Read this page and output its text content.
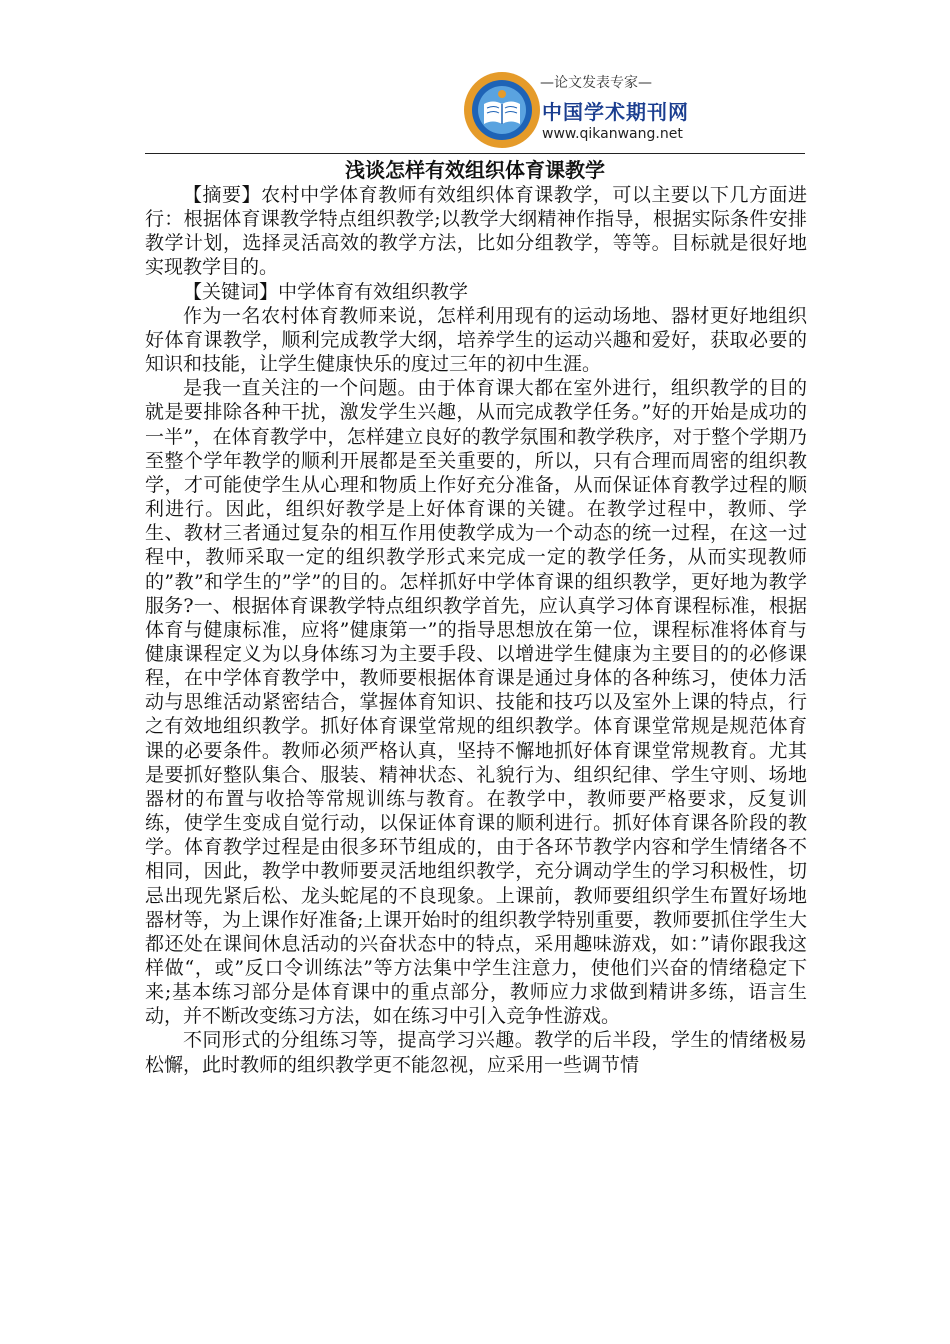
—论文发表专家—
中国学术期刊网
www.qikanwang.net
浅谈怎样有效组织体育课教学

【摘要】农村中学体育教师有效组织体育课教学，可以主要以下几方面进行：根据体育课教学特点组织教学;以教学大纲精神作指导，根据实际条件安排教学计划，选择灵活高效的教学方法，比如分组教学，等等。目标就是很好地实现教学目的。

【关键词】中学体育有效组织教学

作为一名农村体育教师来说，怎样利用现有的运动场地、器材更好地组织好体育课教学，顺利完成教学大纲，培养学生的运动兴趣和爱好，获取必要的知识和技能，让学生健康快乐的度过三年的初中生涯。

是我一直关注的一个问题。由于体育课大都在室外进行，组织教学的目的就是要排除各种干扰，激发学生兴趣，从而完成教学任务。”好的开始是成功的一半”，在体育教学中，怎样建立良好的教学氛围和教学秩序，对于整个学期乃至整个学年教学的顺利开展都是至关重要的，所以，只有合理而周密的组织教学，才可能使学生从心理和物质上作好充分准备，从而保证体育教学过程的顺利进行。因此，组织好教学是上好体育课的关键。在教学过程中，教师、学生、教材三者通过复杂的相互作用使教学成为一个动态的统一过程，在这一过程中，教师采取一定的组织教学形式来完成一定的教学任务，从而实现教师的”教”和学生的”学”的目的。怎样抓好中学体育课的组织教学，更好地为教学服务?一、根据体育课教学特点组织教学首先，应认真学习体育课程标准，根据体育与健康标准，应将”健康第一”的指导思想放在第一位，课程标准将体育与健康课程定义为以身体练习为主要手段、以增进学生健康为主要目的的必修课程，在中学体育教学中，教师要根据体育课是通过身体的各种练习，使体力活动与思维活动紧密结合，掌握体育知识、技能和技巧以及室外上课的特点，行之有效地组织教学。抓好体育课堂常规的组织教学。体育课堂常规是规范体育课的必要条件。教师必须严格认真，坚持不懈地抓好体育课堂常规教育。尤其是要抓好整队集合、服装、精神状态、礼貌行为、组织纪律、学生守则、场地器材的布置与收拾等常规训练与教育。在教学中，教师要严格要求，反复训练，使学生变成自觉行动，以保证体育课的顺利进行。抓好体育课各阶段的教学。体育教学过程是由很多环节组成的，由于各环节教学内容和学生情绪各不相同，因此，教学中教师要灵活地组织教学，充分调动学生的学习积极性，切忌出现先紧后松、龙头蛇尾的不良现象。上课前，教师要组织学生布置好场地器材等，为上课作好准备;上课开始时的组织教学特别重要，教师要抓住学生大都还处在课间休息活动的兴奋状态中的特点，采用趣味游戏，如：”请你跟我这样做“，或”反口令训练法”等方法集中学生注意力，使他们兴奋的情绪稳定下来;基本练习部分是体育课中的重点部分，教师应力求做到精讲多练，语言生动，并不断改变练习方法，如在练习中引入竞争性游戏。

不同形式的分组练习等，提高学习兴趣。教学的后半段，学生的情绪极易松懈，此时教师的组织教学更不能忽视，应采用一些调节情
